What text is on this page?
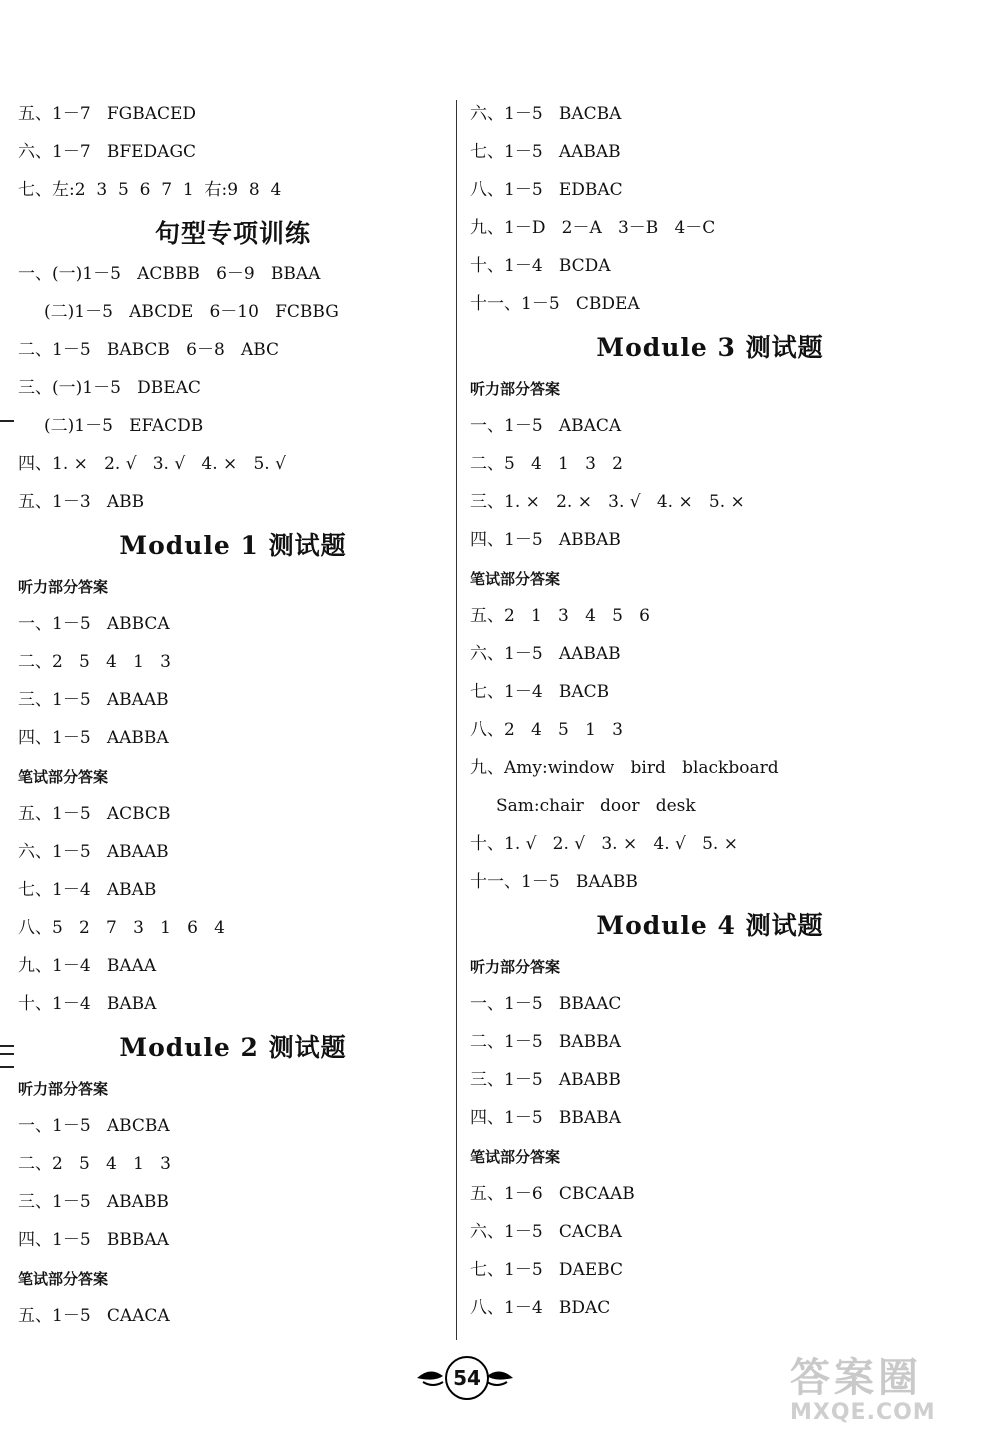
五、1－7   FGBACED
六、1－7   BFEDAGC
七、左:2  3  5  6  7  1  右:9  8  4
句型专项训练
一、(一)1－5   ACBBB   6－9   BBAA
(二)1－5   ABCDE   6－10   FCBBG
二、1－5   BABCB   6－8   ABC
三、(一)1－5   DBEAC
(二)1－5   EFACDB
四、1. ×   2. √   3. √   4. ×   5. √
五、1－3   ABB
Module 1 测试题
听力部分答案
一、1－5   ABBCA
二、2   5   4   1   3
三、1－5   ABAAB
四、1－5   AABBA
笔试部分答案
五、1－5   ACBCB
六、1－5   ABAAB
七、1－4   ABAB
八、5   2   7   3   1   6   4
九、1－4   BAAA
十、1－4   BABA
Module 2 测试题
听力部分答案
一、1－5   ABCBA
二、2   5   4   1   3
三、1－5   ABABB
四、1－5   BBBAA
笔试部分答案
五、1－5   CAACA
六、1－5   BACBA
七、1－5   AABAB
八、1－5   EDBAC
九、1－D   2－A   3－B   4－C
十、1－4   BCDA
十一、1－5   CBDEA
Module 3 测试题
听力部分答案
一、1－5   ABACA
二、5   4   1   3   2
三、1. ×   2. ×   3. √   4. ×   5. ×
四、1－5   ABBAB
笔试部分答案
五、2   1   3   4   5   6
六、1－5   AABAB
七、1－4   BACB
八、2   4   5   1   3
九、Amy:window   bird   blackboard
Sam:chair   door   desk
十、1. √   2. √   3. ×   4. √   5. ×
十一、1－5   BAABB
Module 4 测试题
听力部分答案
一、1－5   BBAAC
二、1－5   BABBA
三、1－5   ABABB
四、1－5   BBABA
笔试部分答案
五、1－6   CBCAAB
六、1－5   CACBA
七、1－5   DAEBC
八、1－4   BDAC
54	答案圈
MXQE.COM
